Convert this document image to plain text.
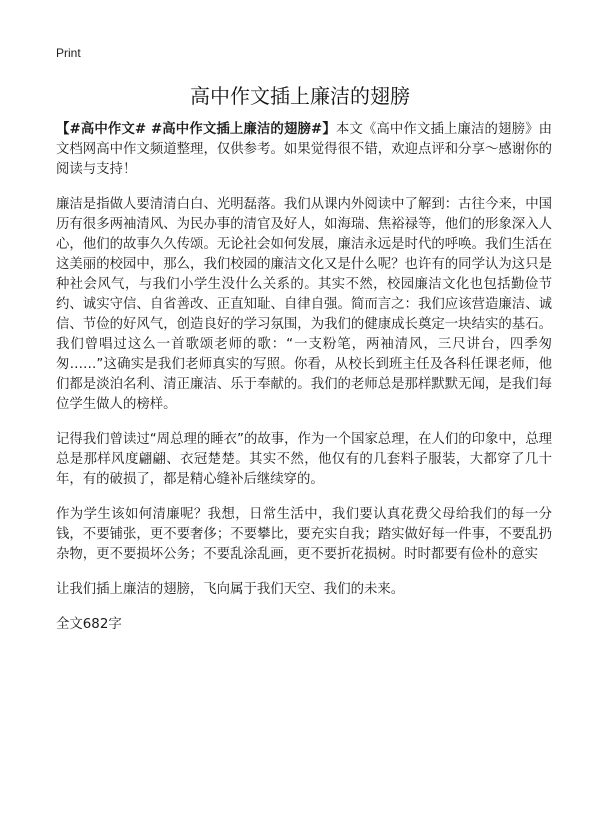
Print
高中作文插上廉洁的翅膀

【#高中作文# #高中作文插上廉洁的翅膀#】本文《高中作文插上廉洁的翅膀》由文档网高中作文频道整理，仅供参考。如果觉得很不错，欢迎点评和分享～感谢你的阅读与支持！

廉洁是指做人要清清白白、光明磊落。我们从课内外阅读中了解到：古往今来，中国历有很多两袖清风、为民办事的清官及好人，如海瑞、焦裕禄等，他们的形象深入人心，他们的故事久久传颂。无论社会如何发展，廉洁永远是时代的呼唤。我们生活在这美丽的校园中，那么，我们校园的廉洁文化又是什么呢？也许有的同学认为这只是种社会风气，与我们小学生没什么关系的。其实不然，校园廉洁文化也包括勤俭节约、诚实守信、自省善改、正直知耻、自律自强。简而言之：我们应该营造廉洁、诚信、节俭的好风气，创造良好的学习氛围，为我们的健康成长奠定一块结实的基石。我们曾唱过这么一首歌颂老师的歌：“一支粉笔，两袖清风，三尺讲台，四季匆匆……”这确实是我们老师真实的写照。你看，从校长到班主任及各科任课老师，他们都是淡泊名利、清正廉洁、乐于奉献的。我们的老师总是那样默默无闻，是我们每位学生做人的榜样。

记得我们曾读过“周总理的睡衣”的故事，作为一个国家总理，在人们的印象中，总理总是那样风度翩翩、衣冠楚楚。其实不然，他仅有的几套料子服装，大都穿了几十年，有的破损了，都是精心缝补后继续穿的。

作为学生该如何清廉呢？我想，日常生活中，我们要认真花费父母给我们的每一分钱，不要铺张，更不要奢侈；不要攀比，要充实自我；踏实做好每一件事，不要乱扔杂物，更不要损坏公务；不要乱涂乱画，更不要折花损树。时时都要有俭朴的意实

让我们插上廉洁的翅膀，飞向属于我们天空、我们的未来。

全文682字
